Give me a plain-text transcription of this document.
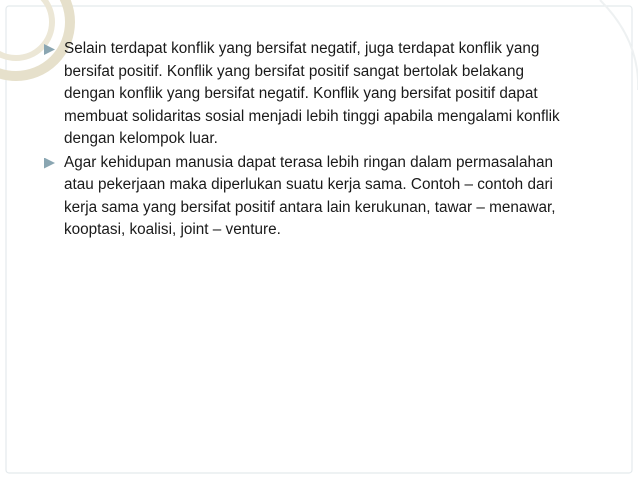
Selain terdapat konflik yang bersifat negatif, juga terdapat konflik yang
bersifat positif. Konflik yang bersifat positif sangat bertolak belakang
dengan konflik yang bersifat negatif. Konflik yang bersifat positif dapat
membuat solidaritas sosial menjadi lebih tinggi apabila mengalami konflik
dengan kelompok luar.
Agar kehidupan manusia dapat terasa lebih ringan dalam permasalahan
atau pekerjaan maka diperlukan suatu kerja sama. Contoh – contoh dari
kerja sama yang bersifat positif antara lain kerukunan, tawar – menawar,
kooptasi, koalisi, joint – venture.
